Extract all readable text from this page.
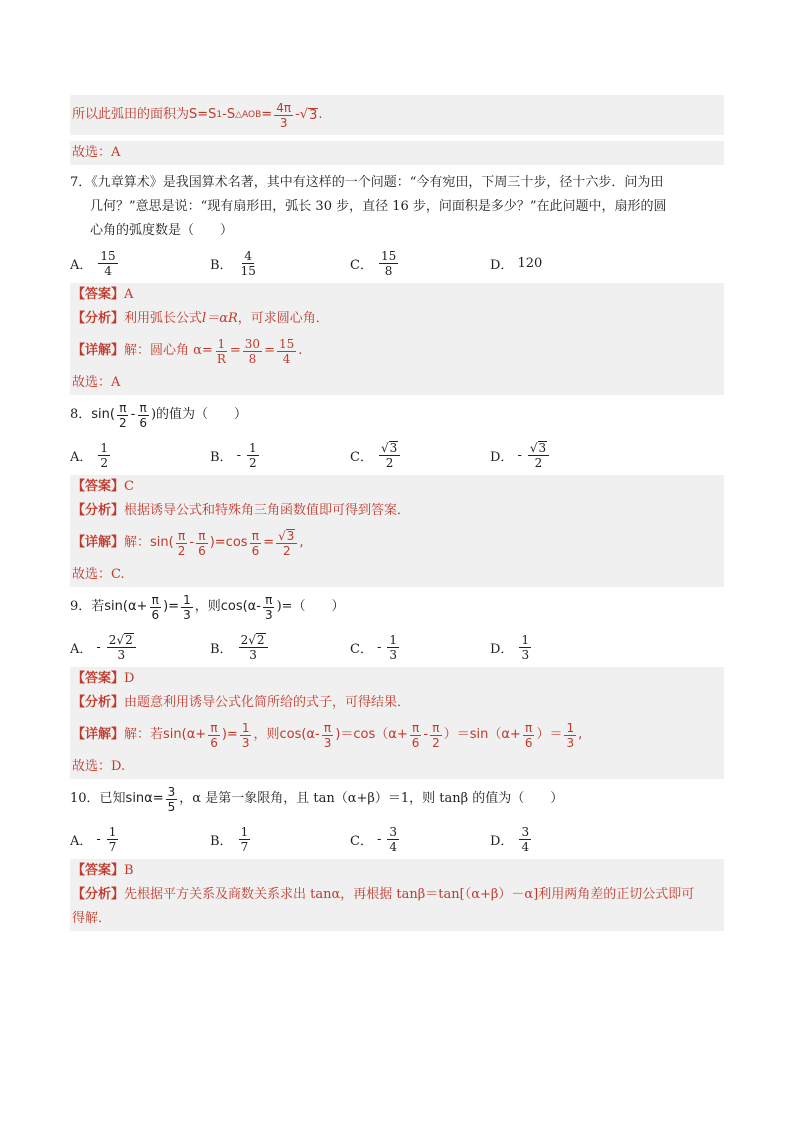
所以此弧田的面积为 S=S 1 -S △AOB = $\frac{4\pi}{3}$ - √ 3 .
故选：A
7．《九章算术》是我国算术名著，其中有这样的一个问题：“今有宛田，下周三十步，径十六步．问为田
几何？”意思是说：“现有扇形田，弧长 30 步，直径 16 步，问面积是多少？”在此问题中，扇形的圆
心角的弧度数是（　　）
A． $\frac{15}{4}$	B． $\frac{4}{15}$	C． $\frac{15}{8}$	D． 120
【答案】 A
【分析】 利用弧长公式 l＝αR ，可求圆心角．
【详解】 解：圆心角 $\alpha= \frac{1}{R} = \frac{30}{8} = \frac{15}{4}$ .
故选：A
8． sin ( $\frac{\pi}{2} - \frac{\pi}{6}$ )的值为（　　）
A． $\frac{1}{2}$	B． - $\frac{1}{2}$	C． $\frac{√ 3}{2}$	D． - $\frac{√ 3}{2}$
【答案】 C
【分析】 根据诱导公式和特殊角三角函数值即可得到答案．
【详解】 解： sin ( $\frac{\pi}{2} - \frac{\pi}{6} )=\cos \frac{\pi}{6} = \frac{√ 3}{2}$ ,
故选：C.
9．若 $\sin (\alpha+ \frac{\pi}{6}$ )= $\frac{1}{3}$ ，则 $\cos (\alpha- \frac{\pi}{3}$ )=（　　）
A． - $\frac{2√ 2}{3}$	B． $\frac{2√ 2}{3}$	C． - $\frac{1}{3}$	D． $\frac{1}{3}$
【答案】 D
【分析】 由题意利用诱导公式化简所给的式子，可得结果．
【详解】 解：若 $\sin (\alpha+ \frac{\pi}{6}$ )= $\frac{1}{3}$ ，则 $\cos (\alpha- \frac{\pi}{3} )=\cos(\alpha+ \frac{\pi}{6} - \frac{\pi}{2} )=\sin(\alpha+ \frac{\pi}{6}$ ）＝ $\frac{1}{3}$ ,
故选：D.
10．已知 $\sin\alpha = \frac{3}{5}$ ，α 是第一象限角，且 tan（α+β）＝1，则 tanβ 的值为（　　）
A． - $\frac{1}{7}$	B． $\frac{1}{7}$	C． - $\frac{3}{4}$	D． $\frac{3}{4}$
【答案】 B
【分析】 先根据平方关系及商数关系求出 tanα，再根据 tanβ＝tan[（α+β）－α]利用两角差的正切公式即可
得解．
